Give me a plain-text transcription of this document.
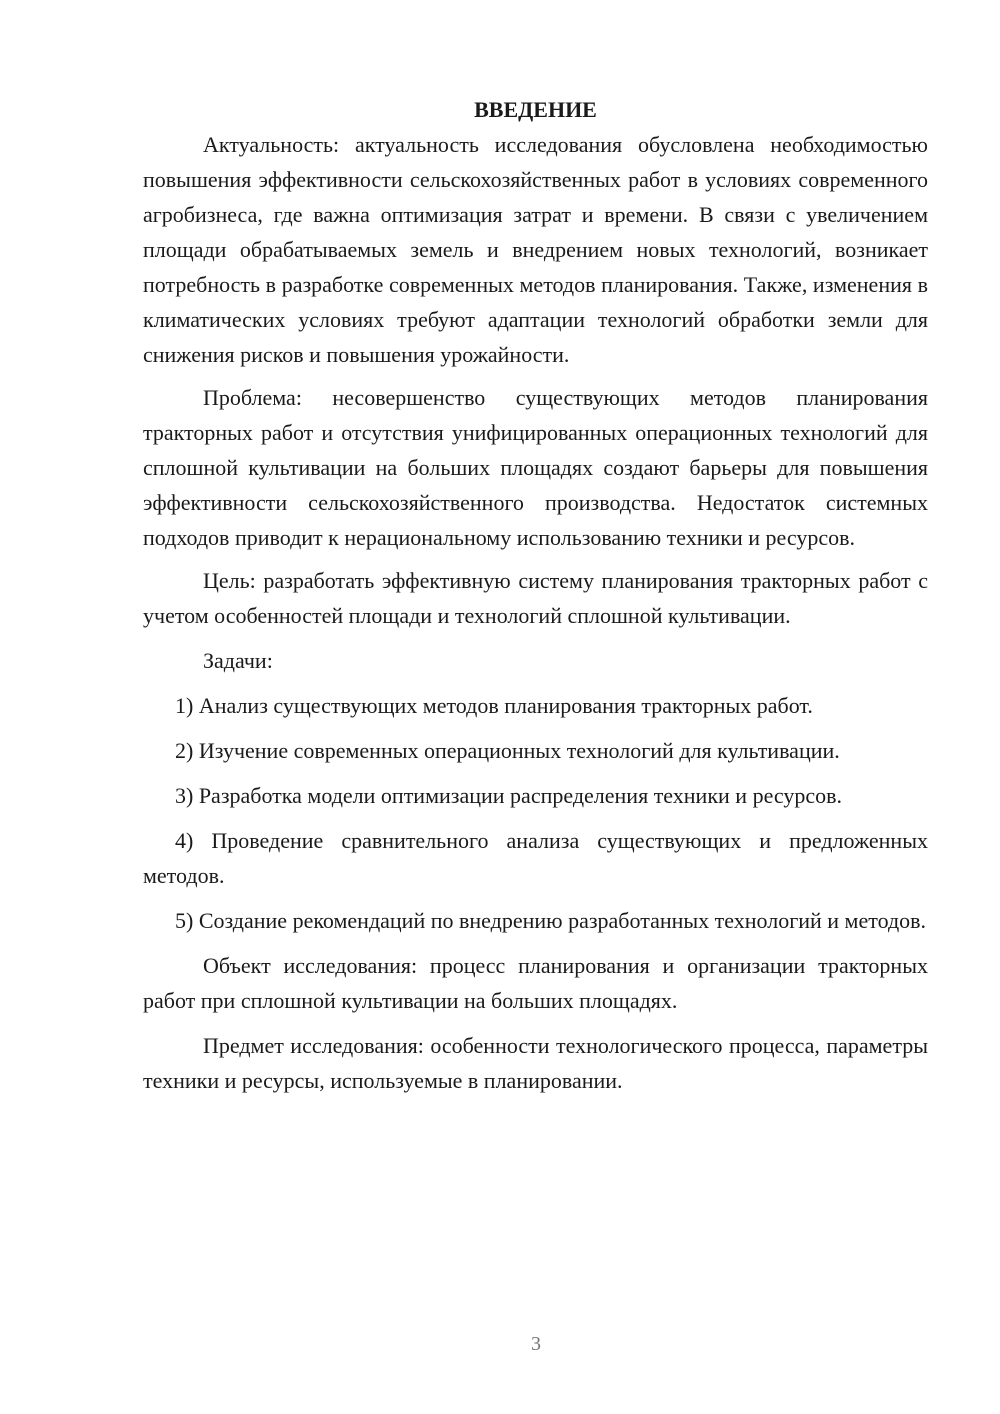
ВВЕДЕНИЕ

Актуальность: актуальность исследования обусловлена необходимостью повышения эффективности сельскохозяйственных работ в условиях современного агробизнеса, где важна оптимизация затрат и времени. В связи с увеличением площади обрабатываемых земель и внедрением новых технологий, возникает потребность в разработке современных методов планирования. Также, изменения в климатических условиях требуют адаптации технологий обработки земли для снижения рисков и повышения урожайности.

Проблема: несовершенство существующих методов планирования тракторных работ и отсутствия унифицированных операционных технологий для сплошной культивации на больших площадях создают барьеры для повышения эффективности сельскохозяйственного производства. Недостаток системных подходов приводит к нерациональному использованию техники и ресурсов.

Цель: разработать эффективную систему планирования тракторных работ с учетом особенностей площади и технологий сплошной культивации.

Задачи:

1) Анализ существующих методов планирования тракторных работ.

2) Изучение современных операционных технологий для культивации.

3) Разработка модели оптимизации распределения техники и ресурсов.

4) Проведение сравнительного анализа существующих и предложенных методов.

5) Создание рекомендаций по внедрению разработанных технологий и методов.

Объект исследования: процесс планирования и организации тракторных работ при сплошной культивации на больших площадях.

Предмет исследования: особенности технологического процесса, параметры техники и ресурсы, используемые в планировании.

3
